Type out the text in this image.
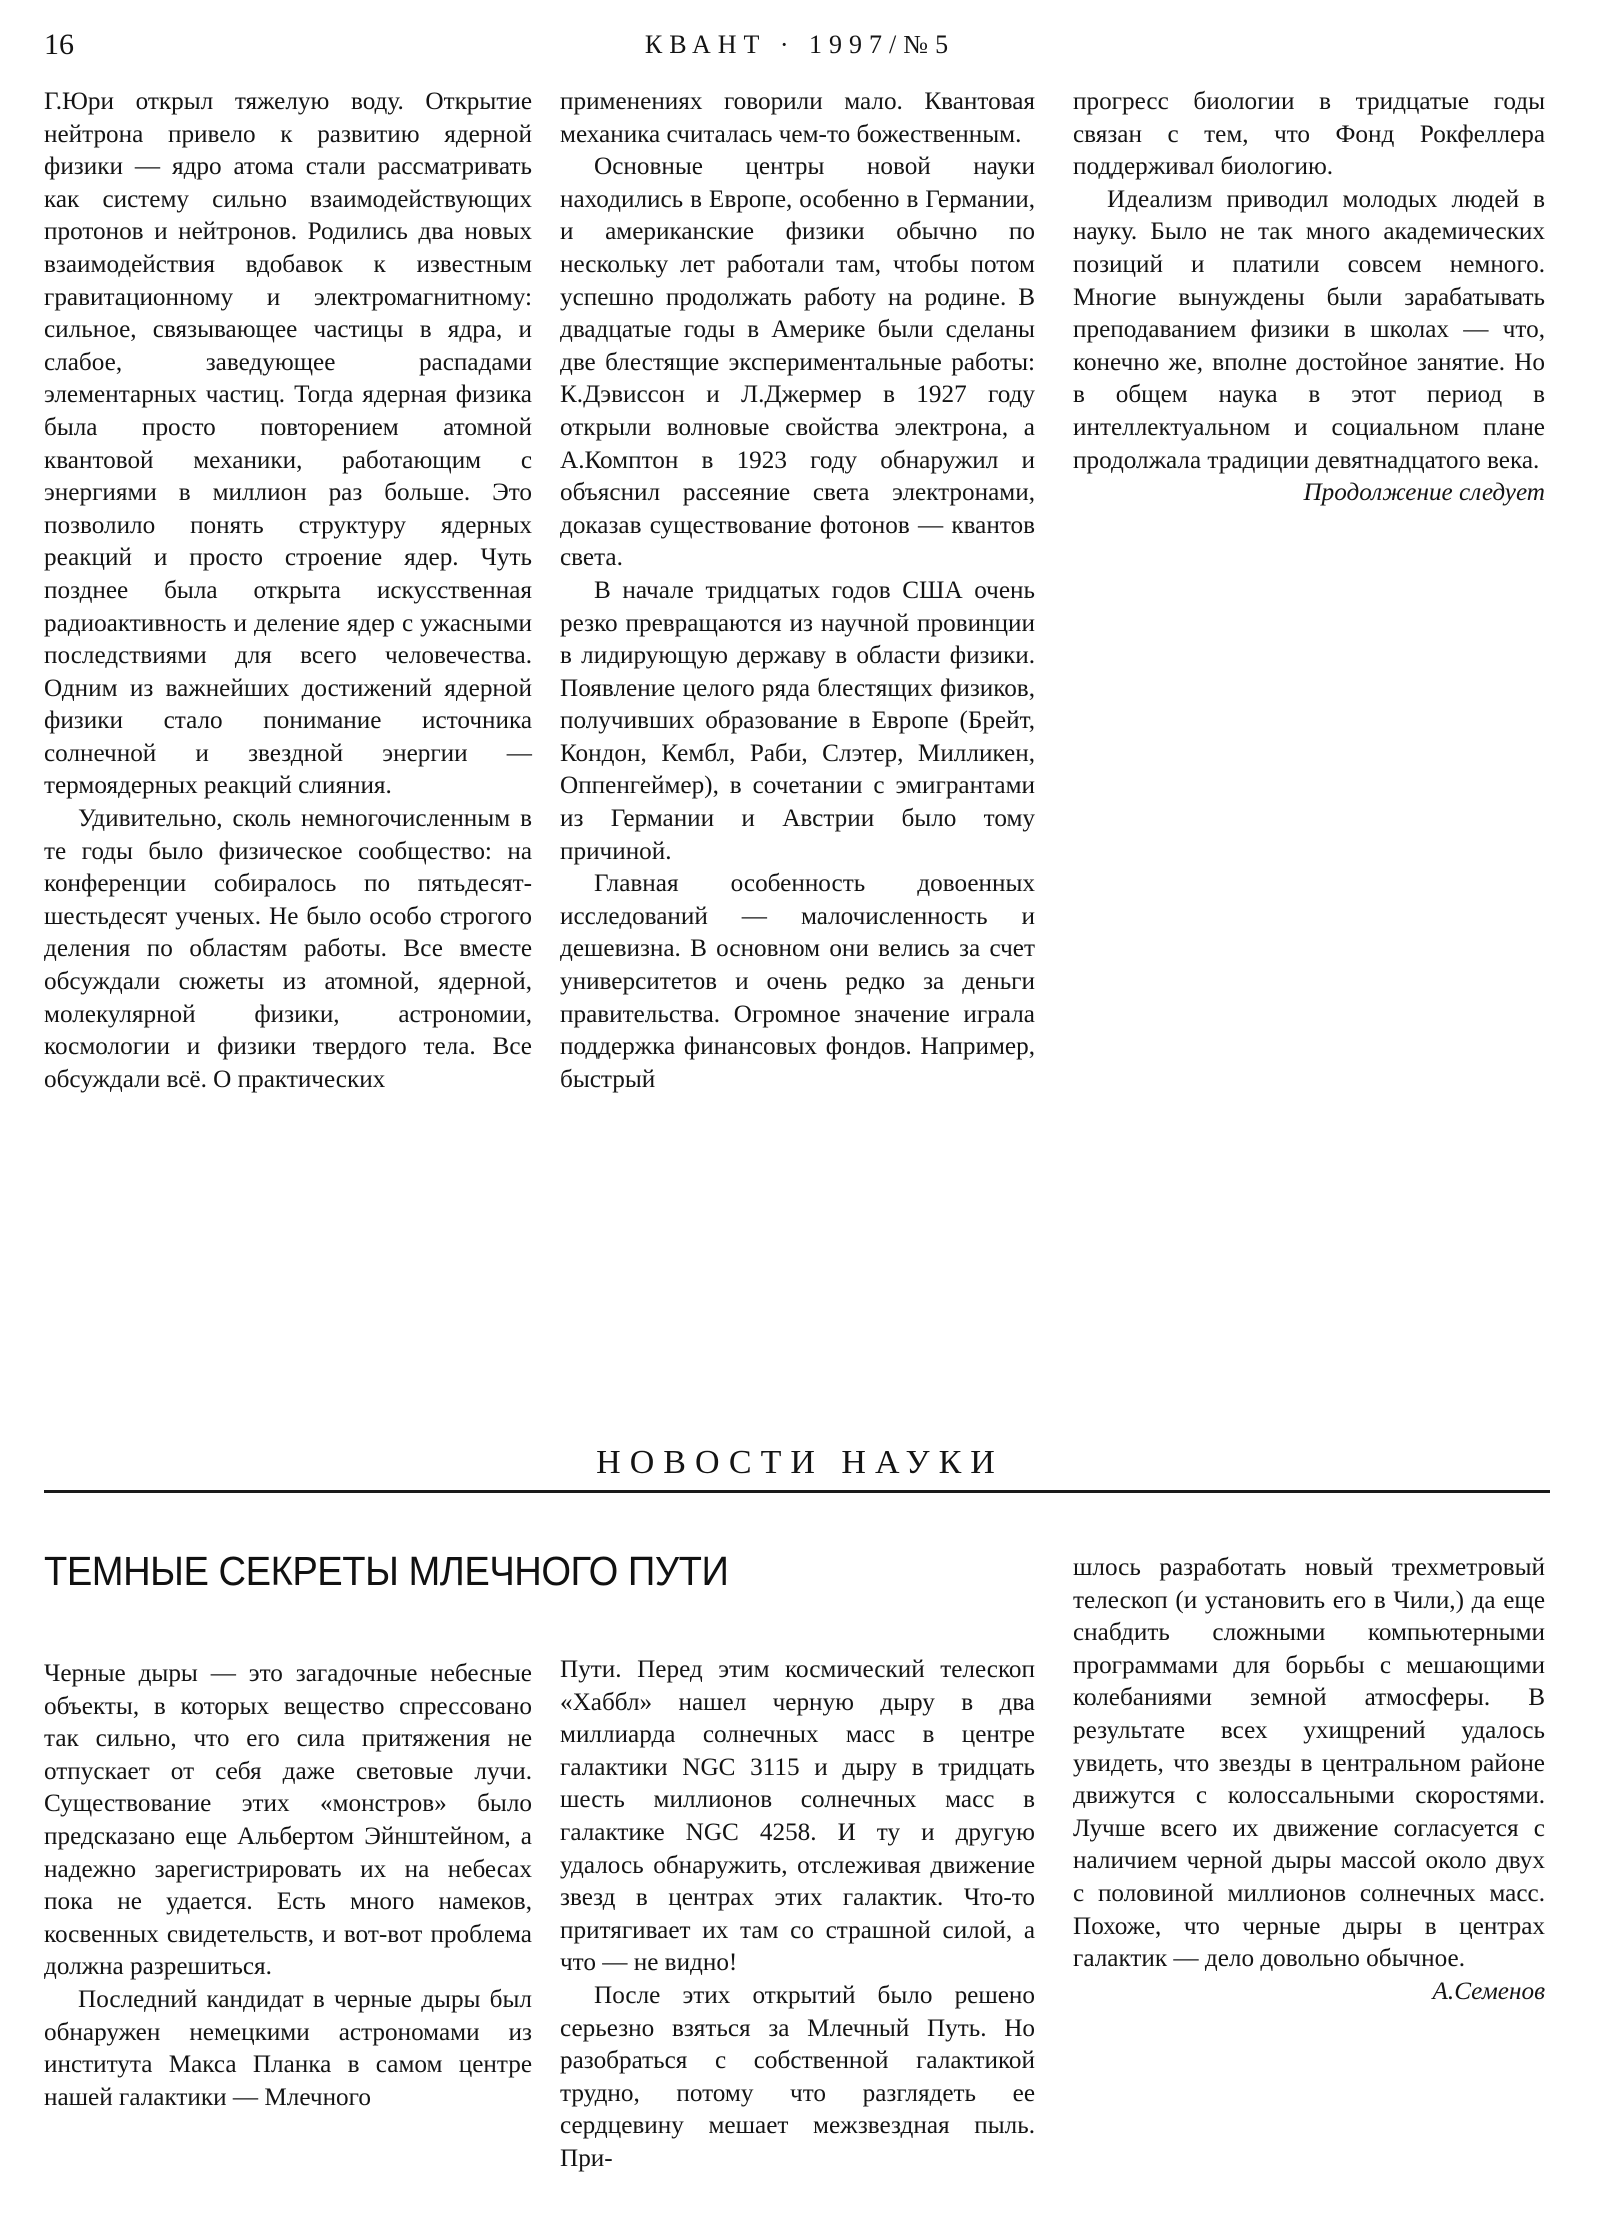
16	КВАНТ · 1997/№5

Г.Юри открыл тяжелую воду. Открытие нейтрона привело к развитию ядерной физики — ядро атома стали рассматривать как систему сильно взаимодействующих протонов и нейтронов. Родились два новых взаимодействия вдобавок к известным гравитационному и электромагнитному: сильное, связывающее частицы в ядра, и слабое, заведующее распадами элементарных частиц. Тогда ядерная физика была просто повторением атомной квантовой механики, работающим с энергиями в миллион раз больше. Это позволило понять структуру ядерных реакций и просто строение ядер. Чуть позднее была открыта искусственная радиоактивность и деление ядер с ужасными последствиями для всего человечества. Одним из важнейших достижений ядерной физики стало понимание источника солнечной и звездной энергии — термоядерных реакций слияния.

Удивительно, сколь немногочисленным в те годы было физическое сообщество: на конференции собиралось по пятьдесят-шестьдесят ученых. Не было особо строгого деления по областям работы. Все вместе обсуждали сюжеты из атомной, ядерной, молекулярной физики, астрономии, космологии и физики твердого тела. Все обсуждали всё. О практических

применениях говорили мало. Квантовая механика считалась чем-то божественным.

Основные центры новой науки находились в Европе, особенно в Германии, и американские физики обычно по нескольку лет работали там, чтобы потом успешно продолжать работу на родине. В двадцатые годы в Америке были сделаны две блестящие экспериментальные работы: К.Дэвиссон и Л.Джермер в 1927 году открыли волновые свойства электрона, а А.Комптон в 1923 году обнаружил и объяснил рассеяние света электронами, доказав существование фотонов — квантов света.

В начале тридцатых годов США очень резко превращаются из научной провинции в лидирующую державу в области физики. Появление целого ряда блестящих физиков, получивших образование в Европе (Брейт, Кондон, Кембл, Раби, Слэтер, Милликен, Оппенгеймер), в сочетании с эмигрантами из Германии и Австрии было тому причиной.

Главная особенность довоенных исследований — малочисленность и дешевизна. В основном они велись за счет университетов и очень редко за деньги правительства. Огромное значение играла поддержка финансовых фондов. Например, быстрый

прогресс биологии в тридцатые годы связан с тем, что Фонд Рокфеллера поддерживал биологию.

Идеализм приводил молодых людей в науку. Было не так много академических позиций и платили совсем немного. Многие вынуждены были зарабатывать преподаванием физики в школах — что, конечно же, вполне достойное занятие. Но в общем наука в этот период в интеллектуальном и социальном плане продолжала традиции девятнадцатого века.

Продолжение следует

НОВОСТИ НАУКИ
ТЕМНЫЕ СЕКРЕТЫ МЛЕЧНОГО ПУТИ

Черные дыры — это загадочные небесные объекты, в которых вещество спрессовано так сильно, что его сила притяжения не отпускает от себя даже световые лучи. Существование этих «монстров» было предсказано еще Альбертом Эйнштейном, а надежно зарегистрировать их на небесах пока не удается. Есть много намеков, косвенных свидетельств, и вот-вот проблема должна разрешиться.

Последний кандидат в черные дыры был обнаружен немецкими астрономами из института Макса Планка в самом центре нашей галактики — Млечного

Пути. Перед этим космический телескоп «Хаббл» нашел черную дыру в два миллиарда солнечных масс в центре галактики NGC 3115 и дыру в тридцать шесть миллионов солнечных масс в галактике NGC 4258. И ту и другую удалось обнаружить, отслеживая движение звезд в центрах этих галактик. Что-то притягивает их там со страшной силой, а что — не видно!

После этих открытий было решено серьезно взяться за Млечный Путь. Но разобраться с собственной галактикой трудно, потому что разглядеть ее сердцевину мешает межзвездная пыль. При-

шлось разработать новый трехметровый телескоп (и установить его в Чили,) да еще снабдить сложными компьютерными программами для борьбы с мешающими колебаниями земной атмосферы. В результате всех ухищрений удалось увидеть, что звезды в центральном районе движутся с колоссальными скоростями. Лучше всего их движение согласуется с наличием черной дыры массой около двух с половиной миллионов солнечных масс. Похоже, что черные дыры в центрах галактик — дело довольно обычное.

А.Семенов
